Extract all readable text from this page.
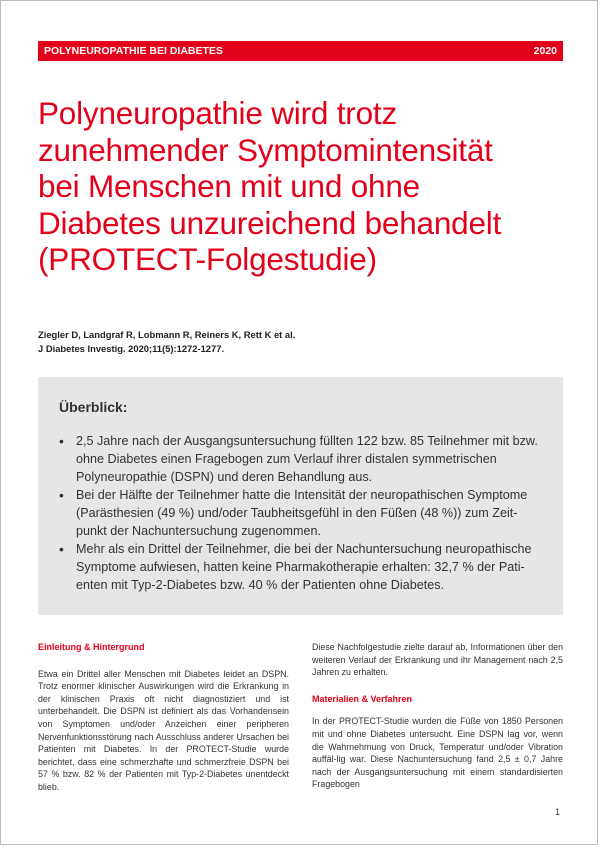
POLYNEUROPATHIE BEI DIABETES	2020
Polyneuropathie wird trotz
zunehmender Symptomintensität
bei Menschen mit und ohne
Diabetes unzureichend behandelt
(PROTECT-Folgestudie)
Ziegler D, Landgraf R, Lobmann R, Reiners K, Rett K et al.
J Diabetes Investig. 2020;11(5):1272-1277.
Überblick:
• 2,5 Jahre nach der Ausgangsuntersuchung füllten 122 bzw. 85 Teilnehmer mit bzw. ohne Diabetes einen Fragebogen zum Verlauf ihrer distalen symmetrischen Polyneuropathie (DSPN) und deren Behandlung aus.
• Bei der Hälfte der Teilnehmer hatte die Intensität der neuropathischen Symptome (Parästhesien (49 %) und/oder Taubheitsgefühl in den Füßen (48 %)) zum Zeit-punkt der Nachuntersuchung zugenommen.
• Mehr als ein Drittel der Teilnehmer, die bei der Nachuntersuchung neuropathische Symptome aufwiesen, hatten keine Pharmakotherapie erhalten: 32,7 % der Pati-enten mit Typ-2-Diabetes bzw. 40 % der Patienten ohne Diabetes.
Einleitung & Hintergrund

Etwa ein Drittel aller Menschen mit Diabetes leidet an DSPN. Trotz enormer klinischer Auswirkungen wird die Erkrankung in der klinischen Praxis oft nicht diagnostiziert und ist unterbehandelt. Die DSPN ist definiert als das Vorhandensein von Symptomen und/oder Anzeichen einer peripheren Nervenfunktionsstörung nach Ausschluss anderer Ursachen bei Patienten mit Diabetes. In der PROTECT-Studie wurde berichtet, dass eine schmerzhafte und schmerzfreie DSPN bei 57 % bzw. 82 % der Patienten mit Typ-2-Diabetes unentdeckt blieb.

Diese Nachfolgestudie zielte darauf ab, Informationen über den weiteren Verlauf der Erkrankung und ihr Management nach 2,5 Jahren zu erhalten.

Materialien & Verfahren

In der PROTECT-Studie wurden die Füße von 1850 Personen mit und ohne Diabetes untersucht. Eine DSPN lag vor, wenn die Wahrnehmung von Druck, Temperatur und/oder Vibration auffäl-lig war. Diese Nachuntersuchung fand 2,5 ± 0,7 Jahre nach der Ausgangsuntersuchung mit einem standardisierten Fragebogen

1
